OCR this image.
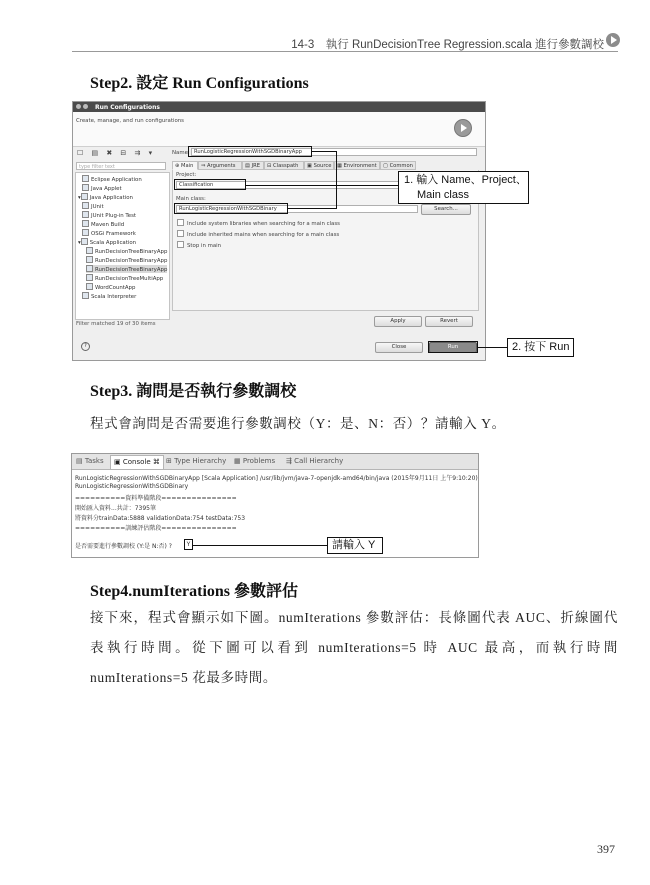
14-3　執行 RunDecisionTree Regression.scala 進行參數調校
Step2. 設定 Run Configurations
Run Configurations
Create, manage, and run configurations
☐ ▤ ✖ ⊟ ⇉ ▾
type filter text
Eclipse Application
Java Applet
▾ Java Application
JUnit
JUnit Plug-in Test
Maven Build
OSGi Framework
▾ Scala Application
RunDecisionTreeBinaryApp
RunDecisionTreeBinaryApp
RunDecisionTreeBinaryApp
RunDecisionTreeMultiApp
WordCountApp
Scala Interpreter
Filter matched 19 of 30 items
?
Name: RunLogisticRegressionWithSGDBinaryApp
⊕ Main	⇒ Arguments	▤ JRE	⊟ Classpath	▣ Source	▦ Environment	▢ Common
Project:
Classification
Main class:
RunLogisticRegressionWithSGDBinary	Search...
Include system libraries when searching for a main class
Include inherited mains when searching for a main class
Stop in main
Apply	Revert
Close	Run
1. 輸入 Name、Project、
Main class
2. 按下 Run
Step3. 詢問是否執行參數調校
程式會詢問是否需要進行參數調校（Y：是、N：否）？請輸入 Y。
▤ Tasks	▣ Console ⌘ ⊞ Type Hierarchy ▦ Problems ⇶ Call Hierarchy
RunLogisticRegressionWithSGDBinaryApp [Scala Application] /usr/lib/jvm/java-7-openjdk-amd64/bin/java (2015年9月11日 上午9:10:20)
RunLogisticRegressionWithSGDBinary
==========資料準備階段===============
開始匯入資料...共計：7395筆
將資料分trainData:5888 validationData:754 testData:753
==========訓練評估階段===============
是否需要進行參數調校 (Y:是 N:否) ?	Y	請輸入 Y
Step4.numIterations 參數評估
接下來，程式會顯示如下圖。numIterations 參數評估：長條圖代表 AUC、折線圖代表執行時間。從下圖可以看到 numIterations=5 時 AUC 最高，而執行時間 numIterations=5 花最多時間。
397
